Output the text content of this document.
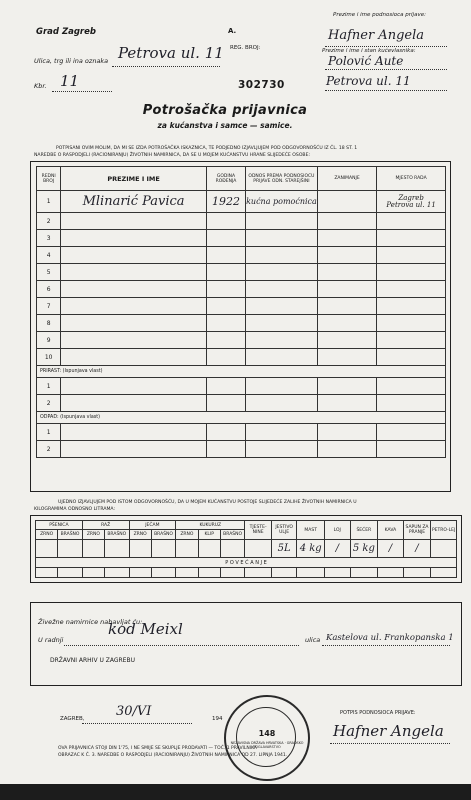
Grad Zagreb	A.
REG. BROJ:
Ulica, trg ili ina oznaka Petrova ul. 11
Kbr. 11	302730
Prezime i ime podnosioca prijave:
Hafner Angela
Prezime i ime i stan kućevlasnika:
Polović Aute
Petrova ul. 11
Potrošačka prijavnica
za kućanstva i samce — samice.
POTPISANI OVIM MOLIM, DA MI SE IZDA POTROŠAČKA ISKAZNICA, TE PODJEDNO IZJAVLJUJEM POD ODGOVORNOŠĆU IZ ČL. 18 ST. 1
NAREDBE O RASPODJELI (RACIONIRANJU) ŽIVOTNIH NAMIRNICA, DA SE U MOJEM KUĆANSTVU HRANE SLIJEDEĆE OSOBE:
REDNI BROJ	PREZIME I IME	GODINA ROĐENJA	ODNOS PREMA PODNOSIOCU PRIJAVE ODN. STAREJŠINI	ZANIMANJE	MJESTO RADA
1	Mlinarić Pavica	1922	kućna pomoćnica		Zagreb
Petrova ul. 11
2					
3					
4					
5					
6					
7					
8					
9					
10					
PRIRAST: (Ispunjava vlast)					
1					
2					
ODPAD: (Ispunjava vlast)					
1					
2					
UJEDNO IZJAVLJUJEM POD ISTOM ODGOVORNOŠĆU, DA U MOJEM KUĆANSTVU POSTOJE SLIJEDEĆE ZALIHE ŽIVOTNIH NAMIRNICA U
KILOGRAMIMA ODNOSNO LITRAMA:
PŠENICA		RAŽ		JEČAM		KUKURUZ			TJESTE-NINE	JESTIVO ULJE	MAST	LOJ	ŠEĆER	KAVA	SAPUN ZA PRANJE	PETRO-LEJ
ZRNO	BRAŠNO	ZRNO	BRAŠNO	ZRNO	BRAŠNO	ZRNO	KLIP	BRAŠNO								
										5L	4 kg	/	5 kg	/	/	
P O V E Ć A N J E																

Živežne namirnice nabavljat ću:
U radnji
kod Meixl
ulica Kastelova ul. Frankopanska 1
DRŽAVNI ARHIV U ZAGREBU
ZAGREB, 30/VI	194
148
NEZAVISNA DRŽAVA HRVATSKA · GRADSKO POGLAVARSTVO
POTPIS PODNOSIOCA PRIJAVE:
Hafner Angela
OVA PRIJAVNICA STOJI DIN 1'75, I NE SMIJE SE SKUPLJE PRODAVATI — TOČ. 1 PRAVILNIKA
OBRAZAC K Č. 3. NAREDBE O RASPODJELI (RACIONIRANJU) ŽIVOTNIH NAMIRNICA OD 27. LIPNJA 1941.
